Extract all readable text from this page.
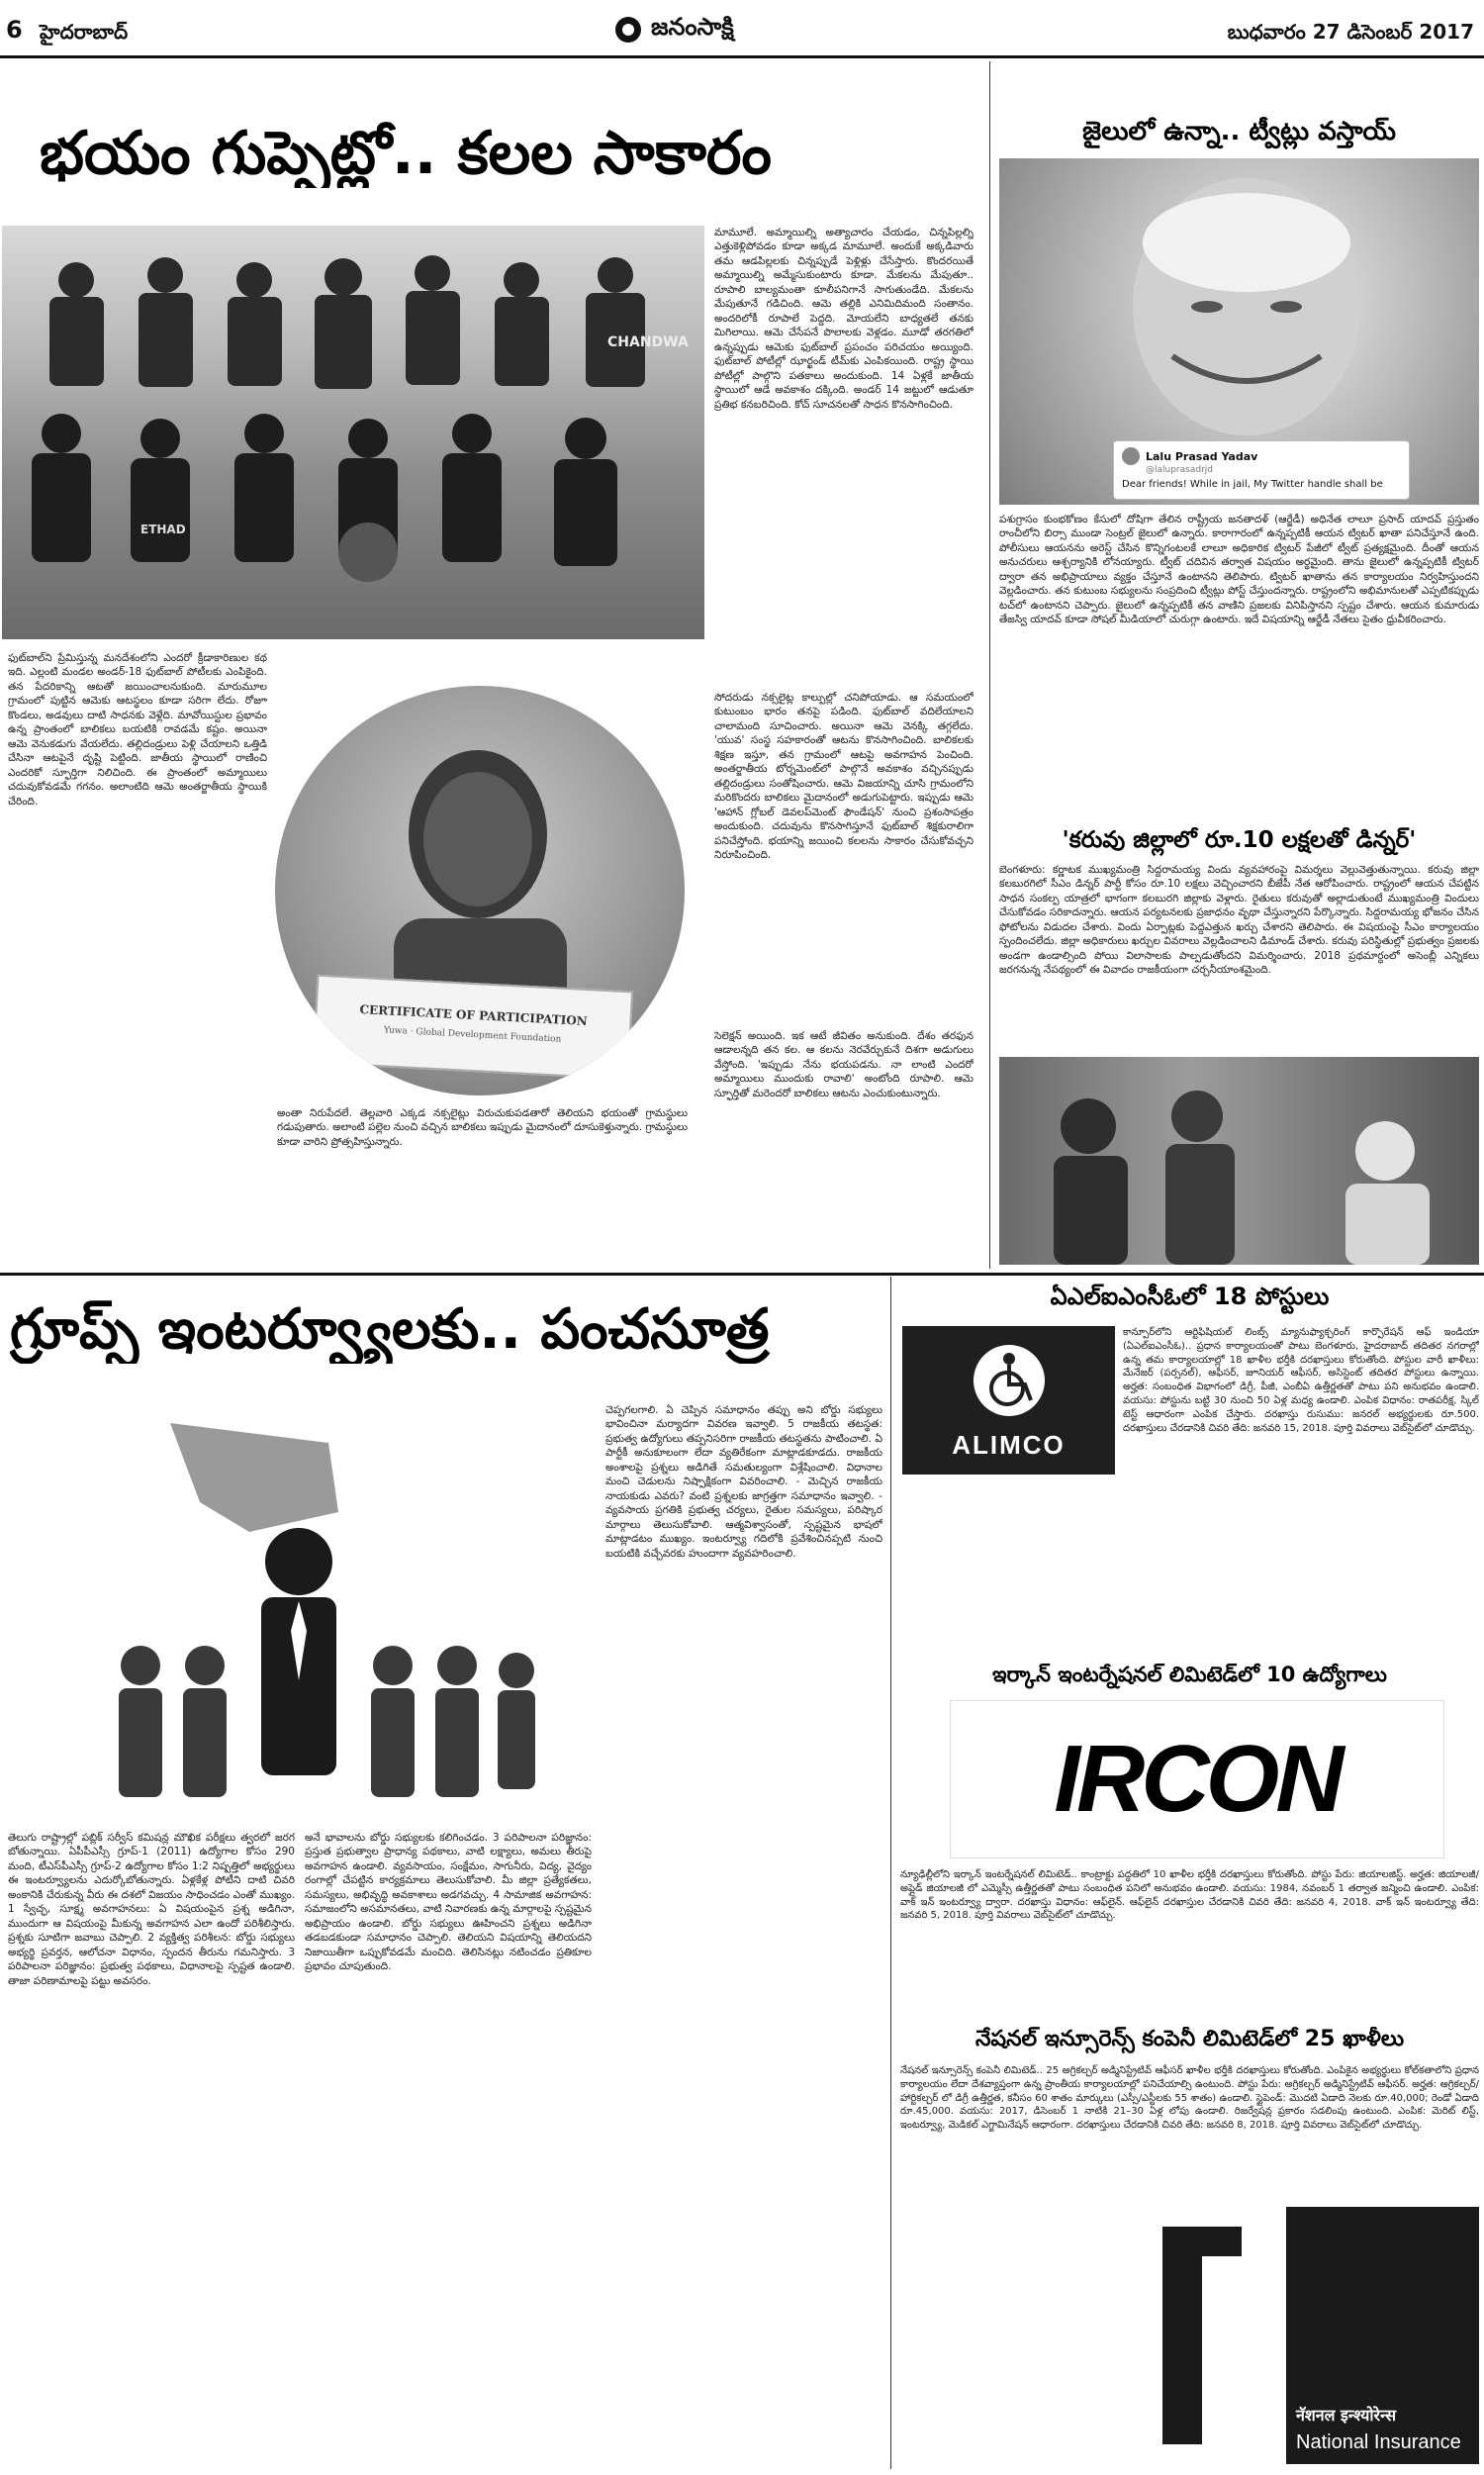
6 హైదరాబాద్	జనంసాక్షి	బుధవారం 27 డిసెంబర్ 2017
భయం గుప్పెట్లో.. కలల సాకారం
CHANDWA
ETHAD
CERTIFICATE OF PARTICIPATION
Yuwa · Global Development Foundation
మామూలే. అమ్మాయిల్ని అత్యాచారం చేయడం, చిన్నపిల్లల్ని ఎత్తుకెళ్లిపోవడం కూడా అక్కడ మామూలే. అందుకే అక్కడివారు తమ ఆడపిల్లలకు చిన్నప్పుడే పెళ్లిళ్లు చేసేస్తారు. కొందరయితే అమ్మాయిల్ని అమ్మేసుకుంటారు కూడా. మేకలను మేపుతూ.. రూపాలి బాల్యమంతా కూలీపనిగానే సాగుతుండేది. మేకలను మేపుతూనే గడిచింది. ఆమె తల్లికి ఎనిమిదిమంది సంతానం. అందరిలోకీ రూపాలే పెద్దది. మోయలేని బాధ్యతలే తనకు మిగిలాయి. ఆమె చేసేపనే పొలాలకు వెళ్లడం. మూడో తరగతిలో ఉన్నప్పుడు ఆమెకు ఫుట్‌బాల్ ప్రపంచం పరిచయం అయ్యింది. ఫుట్‌బాల్ పోటీల్లో ఝార్ఖండ్ టీమ్‌కు ఎంపికయింది. రాష్ట్ర స్థాయి పోటీల్లో పాల్గొని పతకాలు అందుకుంది. 14 ఏళ్లకే జాతీయ స్థాయిలో ఆడే అవకాశం దక్కింది. అండర్ 14 జట్టులో ఆడుతూ ప్రతిభ కనబరిచింది. కోచ్ సూచనలతో సాధన కొనసాగించింది.
సోదరుడు నక్సలైట్ల కాల్పుల్లో చనిపోయాడు. ఆ సమయంలో కుటుంబం భారం తనపై పడింది. ఫుట్‌బాల్ వదిలేయాలని చాలామంది సూచించారు. అయినా ఆమె వెనక్కి తగ్గలేదు. 'యువ' సంస్థ సహకారంతో ఆటను కొనసాగించింది. బాలికలకు శిక్షణ ఇస్తూ, తన గ్రామంలో ఆటపై అవగాహన పెంచింది. అంతర్జాతీయ టోర్నమెంట్‌లో పాల్గొనే అవకాశం వచ్చినప్పుడు తల్లిదండ్రులు సంతోషించారు. ఆమె విజయాన్ని చూసి గ్రామంలోని మరికొందరు బాలికలు మైదానంలో అడుగుపెట్టారు. ఇప్పుడు ఆమె 'ఆహాన్ గ్లోబల్ డెవలప్‌మెంట్ ఫౌండేషన్' నుంచి ప్రశంసాపత్రం అందుకుంది. చదువును కొనసాగిస్తూనే ఫుట్‌బాల్ శిక్షకురాలిగా పనిచేస్తోంది. భయాన్ని జయించి కలలను సాకారం చేసుకోవచ్చని నిరూపించింది.
ఫుట్‌బాల్‌ని ప్రేమిస్తున్న మనదేశంలోని ఎందరో క్రీడాకారిణుల కథ ఇది. ఎల్లంటి మండల అండర్-18 ఫుట్‌బాల్ పోటీలకు ఎంపికైంది. తన పేదరికాన్ని ఆటతో జయించాలనుకుంది. మారుమూల గ్రామంలో పుట్టిన ఆమెకు ఆటస్థలం కూడా సరిగా లేదు. రోజూ కొండలు, అడవులు దాటి సాధనకు వెళ్లేది. మావోయిస్టుల ప్రభావం ఉన్న ప్రాంతంలో బాలికలు బయటికి రావడమే కష్టం. అయినా ఆమె వెనుకడుగు వేయలేదు. తల్లిదండ్రులు పెళ్లి చేయాలని ఒత్తిడి చేసినా ఆటపైనే దృష్టి పెట్టింది. జాతీయ స్థాయిలో రాణించి ఎందరికో స్ఫూర్తిగా నిలిచింది. ఈ ప్రాంతంలో అమ్మాయిలు చదువుకోవడమే గగనం. అలాంటిది ఆమె అంతర్జాతీయ స్థాయికి చేరింది.
అంతా నిరుపేదలే. తెల్లవారి ఎక్కడ నక్సలైట్లు విరుచుకుపడతారో తెలియని భయంతో గ్రామస్థులు గడుపుతారు. అలాంటి పల్లెల నుంచి వచ్చిన బాలికలు ఇప్పుడు మైదానంలో దూసుకెళ్తున్నారు. గ్రామస్థులు కూడా వారిని ప్రోత్సహిస్తున్నారు.
సెలెక్షన్ అయింది. ఇక ఆటే జీవితం అనుకుంది. దేశం తరఫున ఆడాలన్నది తన కల. ఆ కలను నెరవేర్చుకునే దిశగా అడుగులు వేస్తోంది. 'ఇప్పుడు నేను భయపడను. నా లాంటి ఎందరో అమ్మాయిలు ముందుకు రావాలి' అంటోంది రూపాలి. ఆమె స్ఫూర్తితో మరెందరో బాలికలు ఆటను ఎంచుకుంటున్నారు.
జైలులో ఉన్నా.. ట్వీట్లు వస్తాయ్
Lalu Prasad Yadav
@laluprasadrjd
Dear friends! While in jail, My Twitter handle shall be
పశుగ్రాసం కుంభకోణం కేసులో దోషిగా తేలిన రాష్ట్రీయ జనతాదళ్ (ఆర్జేడీ) అధినేత లాలూ ప్రసాద్ యాదవ్ ప్రస్తుతం రాంచీలోని బిర్సా ముండా సెంట్రల్ జైలులో ఉన్నారు. కారాగారంలో ఉన్నప్పటికీ ఆయన ట్విటర్ ఖాతా పనిచేస్తూనే ఉంది. పోలీసులు ఆయనను అరెస్ట్ చేసిన కొన్నిగంటలకే లాలూ అధికారిక ట్విటర్ పేజీలో ట్వీట్ ప్రత్యక్షమైంది. దీంతో ఆయన అనుచరులు ఆశ్చర్యానికి లోనయ్యారు. ట్వీట్ చదివిన తర్వాత విషయం అర్థమైంది. తాను జైలులో ఉన్నప్పటికీ ట్విటర్ ద్వారా తన అభిప్రాయాలు వ్యక్తం చేస్తూనే ఉంటానని తెలిపారు. ట్విటర్ ఖాతాను తన కార్యాలయం నిర్వహిస్తుందని వెల్లడించారు. తన కుటుంబ సభ్యులను సంప్రదించి ట్వీట్లు పోస్ట్ చేస్తుందన్నారు. రాష్ట్రంలోని అభిమానులతో ఎప్పటికప్పుడు టచ్‌లో ఉంటానని చెప్పారు. జైలులో ఉన్నప్పటికీ తన వాణిని ప్రజలకు వినిపిస్తానని స్పష్టం చేశారు. ఆయన కుమారుడు తేజస్వి యాదవ్ కూడా సోషల్ మీడియాలో చురుగ్గా ఉంటారు. ఇదే విషయాన్ని ఆర్జేడీ నేతలు సైతం ధ్రువీకరించారు.
'కరువు జిల్లాలో రూ.10 లక్షలతో డిన్నర్'
బెంగళూరు: కర్ణాటక ముఖ్యమంత్రి సిద్దరామయ్య విందు వ్యవహారంపై విమర్శలు వెల్లువెత్తుతున్నాయి. కరువు జిల్లా కలబురగిలో సీఎం డిన్నర్ పార్టీ కోసం రూ.10 లక్షలు వెచ్చించారని బీజేపీ నేత ఆరోపించారు. రాష్ట్రంలో ఆయన చేపట్టిన సాధన సంకల్ప యాత్రలో భాగంగా కలబురగి జిల్లాకు వెళ్లారు. రైతులు కరువుతో అల్లాడుతుంటే ముఖ్యమంత్రి విందులు చేసుకోవడం సరికాదన్నారు. ఆయన పర్యటనలకు ప్రజాధనం వృథా చేస్తున్నారని పేర్కొన్నారు. సిద్దరామయ్య భోజనం చేసిన ఫోటోలను విడుదల చేశారు. విందు ఏర్పాట్లకు పెద్దఎత్తున ఖర్చు చేశారని తెలిపారు. ఈ విషయంపై సీఎం కార్యాలయం స్పందించలేదు. జిల్లా అధికారులు ఖర్చుల వివరాలు వెల్లడించాలని డిమాండ్ చేశారు. కరువు పరిస్థితుల్లో ప్రభుత్వం ప్రజలకు అండగా ఉండాల్సింది పోయి విలాసాలకు పాల్పడుతోందని విమర్శించారు. 2018 ప్రథమార్ధంలో అసెంబ్లీ ఎన్నికలు జరగనున్న నేపథ్యంలో ఈ వివాదం రాజకీయంగా చర్చనీయాంశమైంది.
గ్రూప్స్ ఇంటర్వ్యూలకు.. పంచసూత్ర
తెలుగు రాష్ట్రాల్లో పబ్లిక్ సర్వీస్ కమిషన్ల మౌఖిక పరీక్షలు త్వరలో జరగ బోతున్నాయి. ఏపీపీఎస్సీ గ్రూప్-1 (2011) ఉద్యోగాల కోసం 290 మంది, టీఎస్‌పీఎస్సీ గ్రూప్-2 ఉద్యోగాల కోసం 1:2 నిష్పత్తిలో అభ్యర్థులు ఈ ఇంటర్వ్యూలను ఎదుర్కోబోతున్నారు. ఏళ్లకేళ్ల పోటీని దాటి చివరి అంకానికి చేరుకున్న వీరు ఈ దశలో విజయం సాధించడం ఎంతో ముఖ్యం. 1 స్వేచ్ఛ, సూక్ష్మ అవగాహనలు: ఏ విషయంపైన ప్రశ్న అడిగినా, ముందుగా ఆ విషయంపై మీకున్న అవగాహన ఎలా ఉందో పరిశీలిస్తారు. ప్రశ్నకు సూటిగా జవాబు చెప్పాలి. 2 వ్యక్తిత్వ పరిశీలన: బోర్డు సభ్యులు అభ్యర్థి ప్రవర్తన, ఆలోచనా విధానం, స్పందన తీరును గమనిస్తారు. 3 పరిపాలనా పరిజ్ఞానం: ప్రభుత్వ పథకాలు, విధానాలపై స్పష్టత ఉండాలి. తాజా పరిణామాలపై పట్టు అవసరం.
అనే భావాలను బోర్డు సభ్యులకు కలిగించడం. 3 పరిపాలనా పరిజ్ఞానం: ప్రస్తుత ప్రభుత్వాల ప్రాధాన్య పథకాలు, వాటి లక్ష్యాలు, అమలు తీరుపై అవగాహన ఉండాలి. వ్యవసాయం, సంక్షేమం, సాగునీరు, విద్య, వైద్యం రంగాల్లో చేపట్టిన కార్యక్రమాలు తెలుసుకోవాలి. మీ జిల్లా ప్రత్యేకతలు, సమస్యలు, అభివృద్ధి అవకాశాలు అడగవచ్చు. 4 సామాజిక అవగాహన: సమాజంలోని అసమానతలు, వాటి నివారణకు ఉన్న మార్గాలపై స్పష్టమైన అభిప్రాయం ఉండాలి. బోర్డు సభ్యులు ఊహించని ప్రశ్నలు అడిగినా తడబడకుండా సమాధానం చెప్పాలి. తెలియని విషయాన్ని తెలియదని నిజాయితీగా ఒప్పుకోవడమే మంచిది. తెలిసినట్లు నటించడం ప్రతికూల ప్రభావం చూపుతుంది.
చెప్పగలగాలి. ఏ చెప్పిన సమాధానం తప్పు అని బోర్డు సభ్యులు భావించినా మర్యాదగా వివరణ ఇవ్వాలి. 5 రాజకీయ తటస్థత: ప్రభుత్వ ఉద్యోగులు తప్పనిసరిగా రాజకీయ తటస్థతను పాటించాలి. ఏ పార్టీకీ అనుకూలంగా లేదా వ్యతిరేకంగా మాట్లాడకూడదు. రాజకీయ అంశాలపై ప్రశ్నలు అడిగితే సమతుల్యంగా విశ్లేషించాలి. విధానాల మంచి చెడులను నిష్పాక్షికంగా వివరించాలి. - మెచ్చిన రాజకీయ నాయకుడు ఎవరు? వంటి ప్రశ్నలకు జాగ్రత్తగా సమాధానం ఇవ్వాలి. - వ్యవసాయ ప్రగతికి ప్రభుత్వ చర్యలు, రైతుల సమస్యలు, పరిష్కార మార్గాలు తెలుసుకోవాలి. ఆత్మవిశ్వాసంతో, స్పష్టమైన భాషలో మాట్లాడటం ముఖ్యం. ఇంటర్వ్యూ గదిలోకి ప్రవేశించినప్పటి నుంచి బయటికి వచ్చేవరకు హుందాగా వ్యవహరించాలి.
ఏఎల్ఐఎంసీఓలో 18 పోస్టులు
ALIMCO
కాన్పూర్‌లోని ఆర్టిఫిషియల్ లింబ్స్ మ్యానుఫ్యాక్చరింగ్ కార్పొరేషన్ ఆఫ్ ఇండియా (ఏఎల్ఐఎంసీఓ).. ప్రధాన కార్యాలయంతో పాటు బెంగళూరు, హైదరాబాద్ తదితర నగరాల్లో ఉన్న తమ కార్యాలయాల్లో 18 ఖాళీల భర్తీకి దరఖాస్తులు కోరుతోంది. పోస్టుల వారీ ఖాళీలు: మేనేజర్ (పర్సనల్), ఆఫీసర్, జూనియర్ ఆఫీసర్, అసిస్టెంట్ తదితర పోస్టులు ఉన్నాయి. అర్హత: సంబంధిత విభాగంలో డిగ్రీ, పీజీ, ఎంబీఏ ఉత్తీర్ణతతో పాటు పని అనుభవం ఉండాలి. వయసు: పోస్టును బట్టి 30 నుంచి 50 ఏళ్ల మధ్య ఉండాలి. ఎంపిక విధానం: రాతపరీక్ష, స్కిల్ టెస్ట్ ఆధారంగా ఎంపిక చేస్తారు. దరఖాస్తు రుసుము: జనరల్ అభ్యర్థులకు రూ.500. దరఖాస్తులు చేరడానికి చివరి తేది: జనవరి 15, 2018. పూర్తి వివరాలు వెబ్‌సైట్‌లో చూడొచ్చు.
ఇర్కాన్ ఇంటర్నేషనల్ లిమిటెడ్‌లో 10 ఉద్యోగాలు
IRCON
న్యూఢిల్లీలోని ఇర్కాన్ ఇంటర్నేషనల్ లిమిటెడ్.. కాంట్రాక్టు పద్ధతిలో 10 ఖాళీల భర్తీకి దరఖాస్తులు కోరుతోంది. పోస్టు పేరు: జియాలజిస్ట్. అర్హత: జియాలజీ/అప్లైడ్ జియాలజీ లో ఎమ్మెస్సీ ఉత్తీర్ణతతో పాటు సంబంధిత పనిలో అనుభవం ఉండాలి. వయసు: 1984, నవంబర్ 1 తర్వాత జన్మించి ఉండాలి. ఎంపిక: వాక్ ఇన్ ఇంటర్వ్యూ ద్వారా. దరఖాస్తు విధానం: ఆఫ్‌లైన్. ఆఫ్‌లైన్ దరఖాస్తుల చేరడానికి చివరి తేది: జనవరి 4, 2018. వాక్ ఇన్ ఇంటర్వ్యూ తేది: జనవరి 5, 2018. పూర్తి వివరాలు వెబ్‌సైట్‌లో చూడొచ్చు.
నేషనల్ ఇన్సూరెన్స్ కంపెనీ లిమిటెడ్‌లో 25 ఖాళీలు
నేషనల్ ఇన్సూరెన్స్ కంపెనీ లిమిటెడ్.. 25 అగ్రికల్చర్ అడ్మినిస్ట్రేటివ్ ఆఫీసర్ ఖాళీల భర్తీకి దరఖాస్తులు కోరుతోంది. ఎంపికైన అభ్యర్థులు కోల్‌కతాలోని ప్రధాన కార్యాలయం లేదా దేశవ్యాప్తంగా ఉన్న ప్రాంతీయ కార్యాలయాల్లో పనిచేయాల్సి ఉంటుంది. పోస్టు పేరు: అగ్రికల్చర్ అడ్మినిస్ట్రేటివ్ ఆఫీసర్. అర్హత: అగ్రికల్చర్/హార్టికల్చర్ లో డిగ్రీ ఉత్తీర్ణత, కనీసం 60 శాతం మార్కులు (ఎస్సీ/ఎస్టీలకు 55 శాతం) ఉండాలి. స్టైపెండ్: మొదటి ఏడాది నెలకు రూ.40,000; రెండో ఏడాది రూ.45,000. వయసు: 2017, డిసెంబర్ 1 నాటికి 21–30 ఏళ్ల లోపు ఉండాలి. రిజర్వేషన్ల ప్రకారం సడలింపు ఉంటుంది. ఎంపిక: మెరిట్ లిస్ట్, ఇంటర్వ్యూ, మెడికల్ ఎగ్జామినేషన్ ఆధారంగా. దరఖాస్తులు చేరడానికి చివరి తేది: జనవరి 8, 2018. పూర్తి వివరాలు వెబ్‌సైట్‌లో చూడొచ్చు.
नॅशनल इन्श्योरेन्स
National Insurance
